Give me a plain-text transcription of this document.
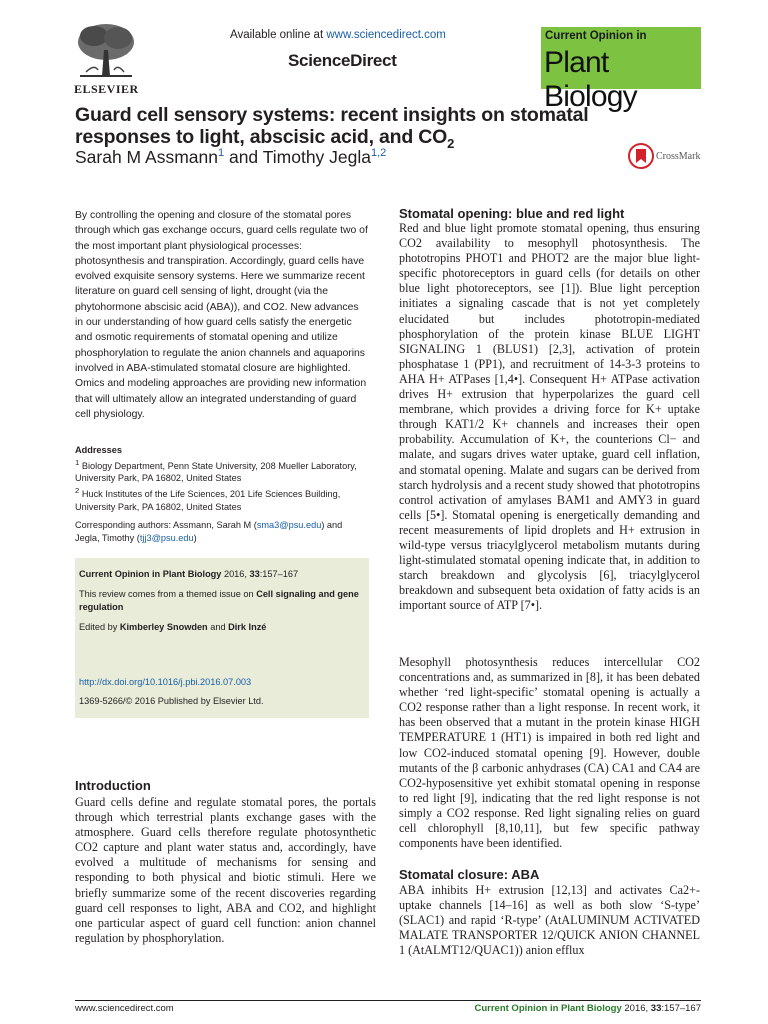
ELSEVIER
Available online at www.sciencedirect.com
ScienceDirect
Current Opinion in
Plant Biology
Guard cell sensory systems: recent insights on stomatal responses to light, abscisic acid, and $CO_2$
Sarah M Assmann$^1$ and Timothy Jegla$^{1,2}$	CrossMark

By controlling the opening and closure of the stomatal pores through which gas exchange occurs, guard cells regulate two of the most important plant physiological processes: photosynthesis and transpiration. Accordingly, guard cells have evolved exquisite sensory systems. Here we summarize recent literature on guard cell sensing of light, drought (via the phytohormone abscisic acid (ABA)), and CO2. New advances in our understanding of how guard cells satisfy the energetic and osmotic requirements of stomatal opening and utilize phosphorylation to regulate the anion channels and aquaporins involved in ABA-stimulated stomatal closure are highlighted. Omics and modeling approaches are providing new information that will ultimately allow an integrated understanding of guard cell physiology.

Addresses
$^1$ Biology Department, Penn State University, 208 Mueller Laboratory, University Park, PA 16802, United States
$^2$ Huck Institutes of the Life Sciences, 201 Life Sciences Building, University Park, PA 16802, United States
Corresponding authors: Assmann, Sarah M (sma3@psu.edu) and Jegla, Timothy (tjj3@psu.edu)
Current Opinion in Plant Biology 2016, 33:157–167
This review comes from a themed issue on Cell signaling and gene regulation
Edited by Kimberley Snowden and Dirk Inzé
http://dx.doi.org/10.1016/j.pbi.2016.07.003
1369-5266/© 2016 Published by Elsevier Ltd.
Introduction

Guard cells define and regulate stomatal pores, the portals through which terrestrial plants exchange gases with the atmosphere. Guard cells therefore regulate photosynthetic CO2 capture and plant water status and, accordingly, have evolved a multitude of mechanisms for sensing and responding to both physical and biotic stimuli. Here we briefly summarize some of the recent discoveries regarding guard cell responses to light, ABA and CO2, and highlight one particular aspect of guard cell function: anion channel regulation by phosphorylation.

Stomatal opening: blue and red light

Red and blue light promote stomatal opening, thus ensuring CO2 availability to mesophyll photosynthesis. The phototropins PHOT1 and PHOT2 are the major blue light-specific photoreceptors in guard cells (for details on other blue light photoreceptors, see [1]). Blue light perception initiates a signaling cascade that is not yet completely elucidated but includes phototropin-mediated phosphorylation of the protein kinase BLUE LIGHT SIGNALING 1 (BLUS1) [2,3], activation of protein phosphatase 1 (PP1), and recruitment of 14-3-3 proteins to AHA H+ ATPases [1,4•]. Consequent H+ ATPase activation drives H+ extrusion that hyperpolarizes the guard cell membrane, which provides a driving force for K+ uptake through KAT1/2 K+ channels and increases their open probability. Accumulation of K+, the counterions Cl− and malate, and sugars drives water uptake, guard cell inflation, and stomatal opening. Malate and sugars can be derived from starch hydrolysis and a recent study showed that phototropins control activation of amylases BAM1 and AMY3 in guard cells [5•]. Stomatal opening is energetically demanding and recent measurements of lipid droplets and H+ extrusion in wild-type versus triacylglycerol metabolism mutants during light-stimulated stomatal opening indicate that, in addition to starch breakdown and glycolysis [6], triacylglycerol breakdown and subsequent beta oxidation of fatty acids is an important source of ATP [7•].

Mesophyll photosynthesis reduces intercellular CO2 concentrations and, as summarized in [8], it has been debated whether ‘red light-specific’ stomatal opening is actually a CO2 response rather than a light response. In recent work, it has been observed that a mutant in the protein kinase HIGH TEMPERATURE 1 (HT1) is impaired in both red light and low CO2-induced stomatal opening [9]. However, double mutants of the β carbonic anhydrases (CA) CA1 and CA4 are CO2-hyposensitive yet exhibit stomatal opening in response to red light [9], indicating that the red light response is not simply a CO2 response. Red light signaling relies on guard cell chlorophyll [8,10,11], but few specific pathway components have been identified.

Stomatal closure: ABA

ABA inhibits H+ extrusion [12,13] and activates Ca2+-uptake channels [14–16] as well as both slow ‘S-type’ (SLAC1) and rapid ‘R-type’ (AtALUMINUM ACTIVATED MALATE TRANSPORTER 12/QUICK ANION CHANNEL 1 (AtALMT12/QUAC1)) anion efflux

www.sciencedirect.com	Current Opinion in Plant Biology 2016, 33:157–167
